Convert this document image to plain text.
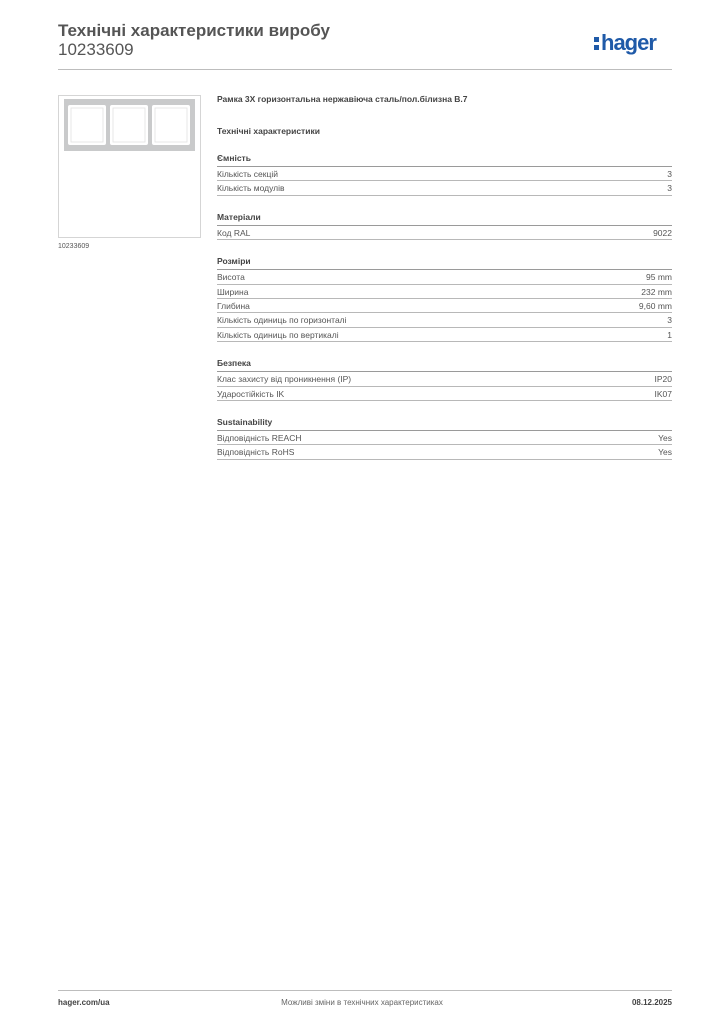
Технічні характеристики виробу
10233609	hager
10233609
Рамка 3X горизонтальна нержавіюча сталь/пол.білизна B.7
Технічні характеристики
Ємність
Кількість секцій	3
Кількість модулів	3
Матеріали
Код RAL	9022
Розміри
Висота	95 mm
Ширина	232 mm
Глибина	9,60 mm
Кількість одиниць по горизонталі	3
Кількість одиниць по вертикалі	1
Безпека
Клас захисту від проникнення (IP)	IP20
Ударостійкість IK	IK07
Sustainability
Відповідність REACH	Yes
Відповідність RoHS	Yes
hager.com/ua	Можливі зміни в технічних характеристиках	08.12.2025
